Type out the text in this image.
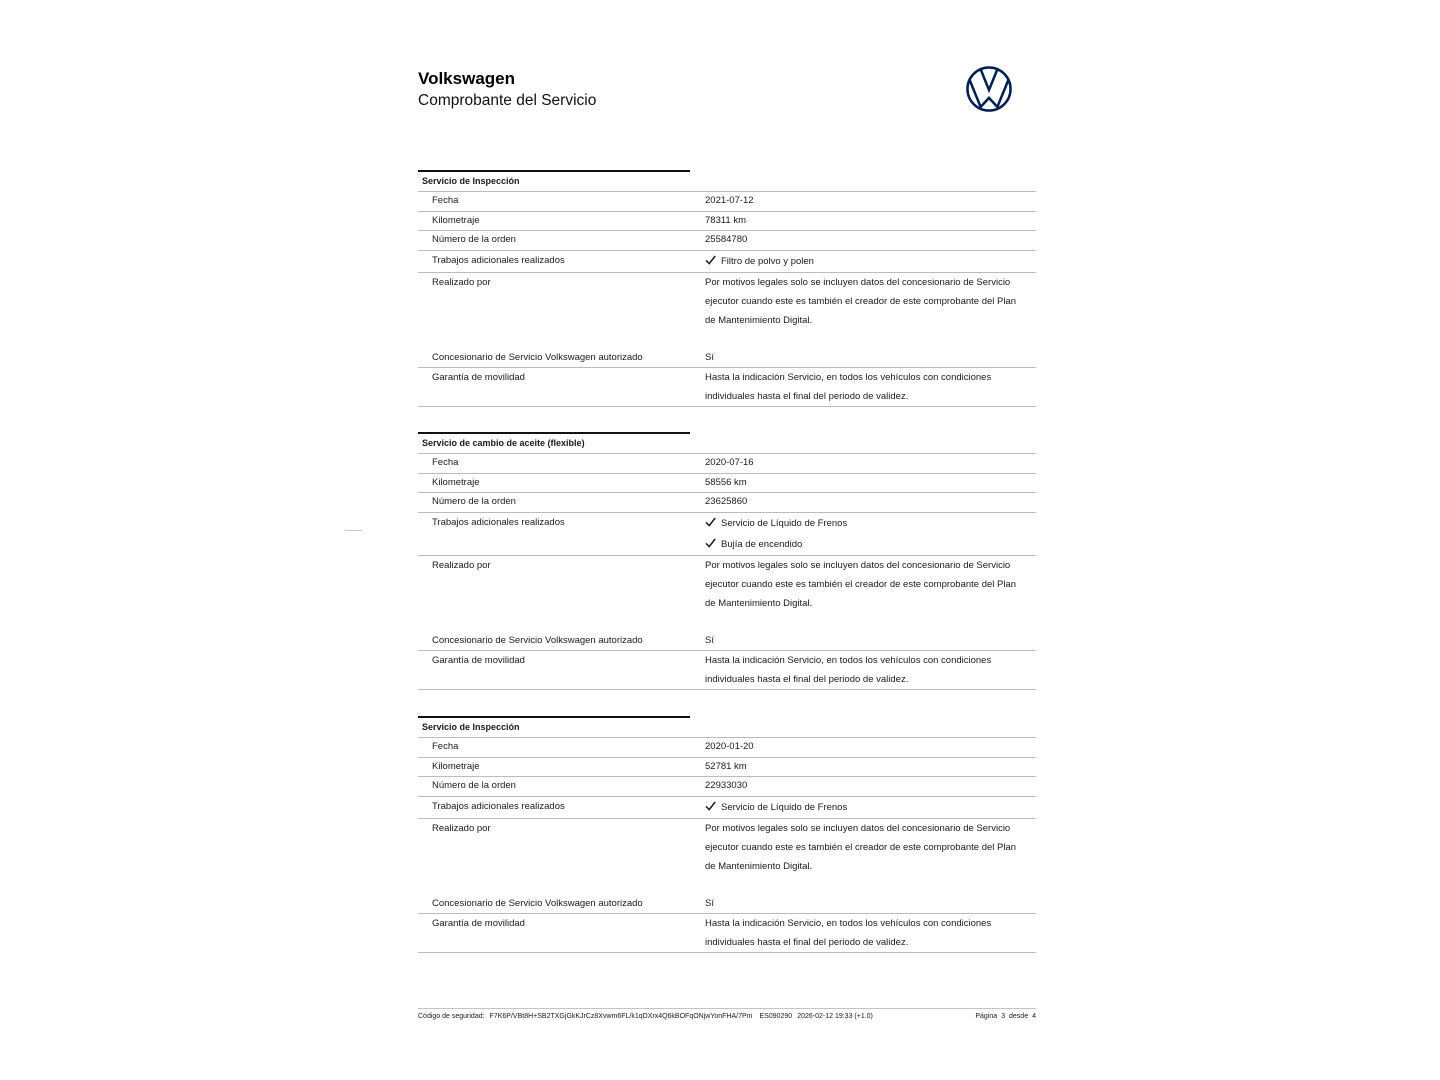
Volkswagen
Comprobante del Servicio
Servicio de Inspección
Fecha	2021-07-12
Kilometraje	78311 km
Número de la orden	25584780
Trabajos adicionales realizados	Filtro de polvo y polen
Realizado por	Por motivos legales solo se incluyen datos del concesionario de Servicio
ejecutor cuando este es también el creador de este comprobante del Plan
de Mantenimiento Digital.
Concesionario de Servicio Volkswagen autorizado	Sí
Garantía de movilidad	Hasta la indicación Servicio, en todos los vehículos con condiciones
individuales hasta el final del periodo de validez.
Servicio de cambio de aceite (flexible)
Fecha	2020-07-16
Kilometraje	58556 km
Número de la orden	23625860
Trabajos adicionales realizados	Servicio de Líquido de Frenos
Bujía de encendido
Realizado por	Por motivos legales solo se incluyen datos del concesionario de Servicio
ejecutor cuando este es también el creador de este comprobante del Plan
de Mantenimiento Digital.
Concesionario de Servicio Volkswagen autorizado	Sí
Garantía de movilidad	Hasta la indicación Servicio, en todos los vehículos con condiciones
individuales hasta el final del periodo de validez.
Servicio de Inspección
Fecha	2020-01-20
Kilometraje	52781 km
Número de la orden	22933030
Trabajos adicionales realizados	Servicio de Líquido de Frenos
Realizado por	Por motivos legales solo se incluyen datos del concesionario de Servicio
ejecutor cuando este es también el creador de este comprobante del Plan
de Mantenimiento Digital.
Concesionario de Servicio Volkswagen autorizado	Sí
Garantía de movilidad	Hasta la indicación Servicio, en todos los vehículos con condiciones
individuales hasta el final del periodo de validez.
Código de seguridad: F7K6P/VBt8H+SB2TXGjGkKJrCz8Xvwm6FL/k1qDXrx4Q6kBOFqONjwYonFHA/7Pm ES090290 2026-02-12 19:33 (+1.0)	Página 3 desde 4
